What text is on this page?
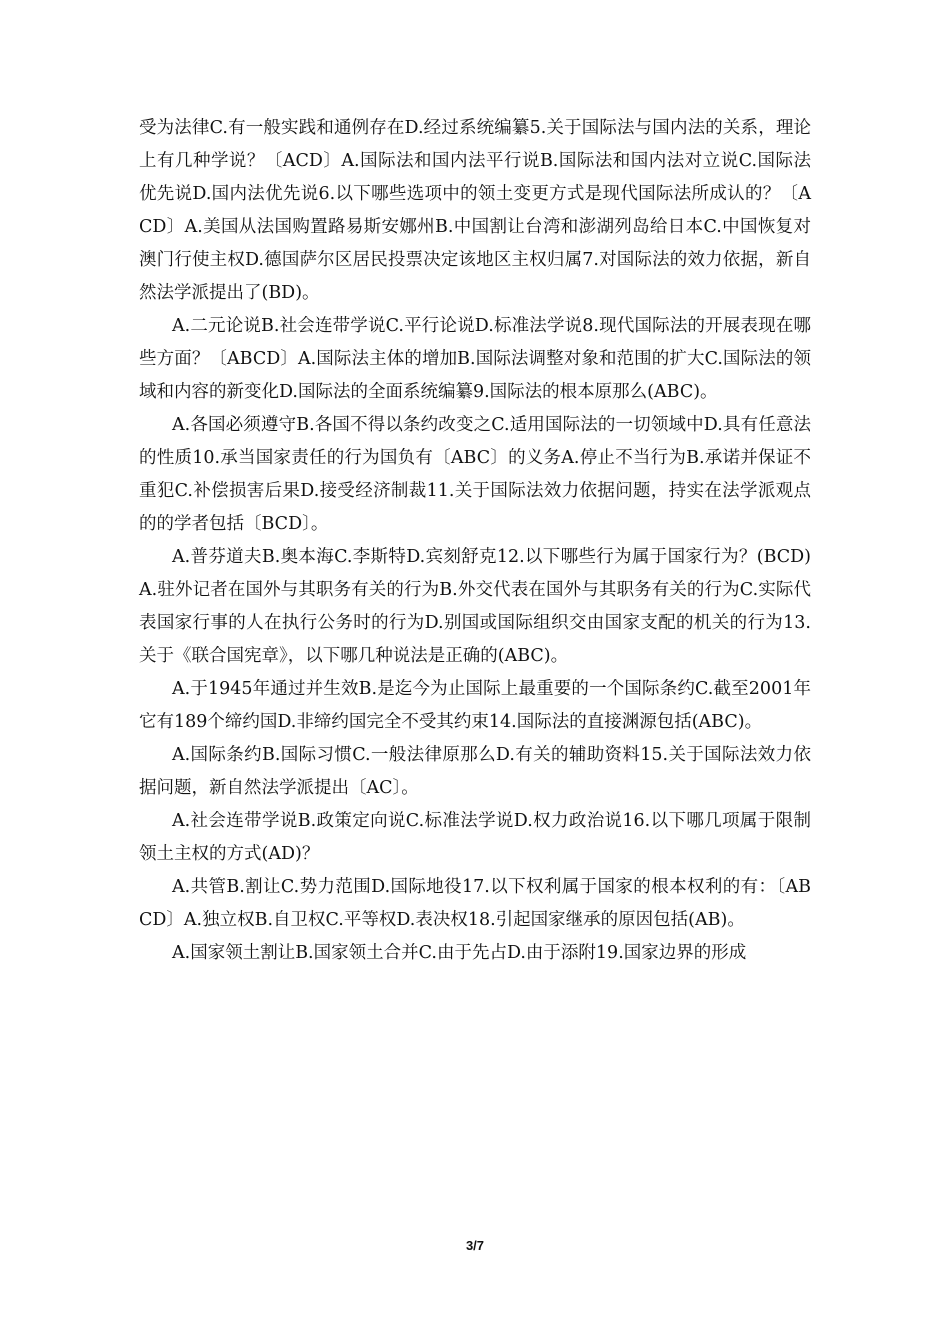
受为法律C.有一般实践和通例存在D.经过系统编纂5.关于国际法与国内法的关系，理论上有几种学说？〔ACD〕A.国际法和国内法平行说B.国际法和国内法对立说C.国际法优先说D.国内法优先说6.以下哪些选项中的领土变更方式是现代国际法所成认的？〔ACD〕A.美国从法国购置路易斯安娜州B.中国割让台湾和澎湖列岛给日本C.中国恢复对澳门行使主权D.德国萨尔区居民投票决定该地区主权归属7.对国际法的效力依据，新自然法学派提出了(BD)。

A.二元论说B.社会连带学说C.平行论说D.标准法学说8.现代国际法的开展表现在哪些方面？〔ABCD〕A.国际法主体的增加B.国际法调整对象和范围的扩大C.国际法的领域和内容的新变化D.国际法的全面系统编纂9.国际法的根本原那么(ABC)。

A.各国必须遵守B.各国不得以条约改变之C.适用国际法的一切领域中D.具有任意法的性质10.承当国家责任的行为国负有〔ABC〕的义务A.停止不当行为B.承诺并保证不重犯C.补偿损害后果D.接受经济制裁11.关于国际法效力依据问题，持实在法学派观点的的学者包括〔BCD〕。

A.普芬道夫B.奥本海C.李斯特D.宾刻舒克12.以下哪些行为属于国家行为？(BCD)A.驻外记者在国外与其职务有关的行为B.外交代表在国外与其职务有关的行为C.实际代表国家行事的人在执行公务时的行为D.别国或国际组织交由国家支配的机关的行为13.关于《联合国宪章》，以下哪几种说法是正确的(ABC)。

A.于1945年通过并生效B.是迄今为止国际上最重要的一个国际条约C.截至2001年它有189个缔约国D.非缔约国完全不受其约束14.国际法的直接渊源包括(ABC)。

A.国际条约B.国际习惯C.一般法律原那么D.有关的辅助资料15.关于国际法效力依据问题，新自然法学派提出〔AC〕。

A.社会连带学说B.政策定向说C.标准法学说D.权力政治说16.以下哪几项属于限制领土主权的方式(AD)？

A.共管B.割让C.势力范围D.国际地役17.以下权利属于国家的根本权利的有：〔ABCD〕A.独立权B.自卫权C.平等权D.表决权18.引起国家继承的原因包括(AB)。

A.国家领土割让B.国家领土合并C.由于先占D.由于添附19.国家边界的形成

3/7
